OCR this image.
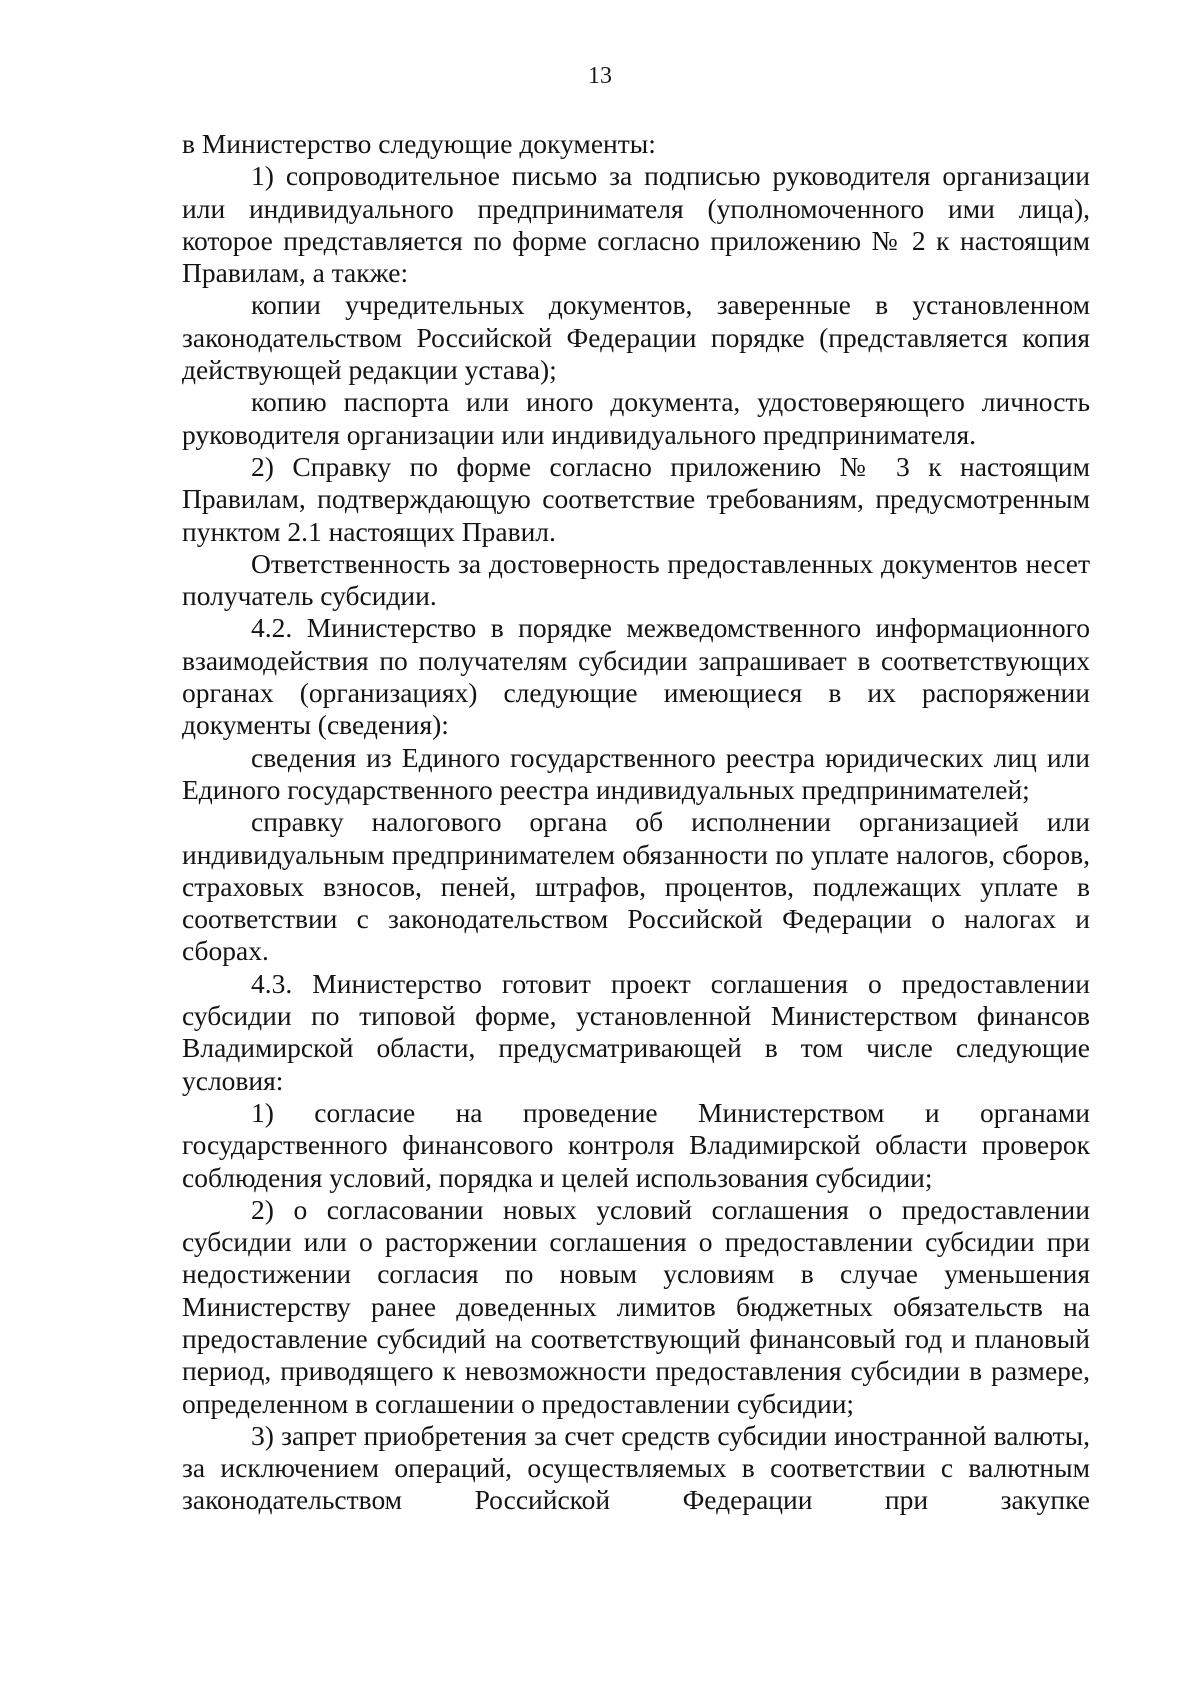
13

в Министерство следующие документы:

1) сопроводительное письмо за подписью руководителя организации или индивидуального предпринимателя (уполномоченного ими лица), которое представляется по форме согласно приложению № 2 к настоящим Правилам, а также:

копии учредительных документов, заверенные в установленном законодательством Российской Федерации порядке (представляется копия действующей редакции устава);

копию паспорта или иного документа, удостоверяющего личность руководителя организации или индивидуального предпринимателя.

2) Справку по форме согласно приложению № 3 к настоящим Правилам, подтверждающую соответствие требованиям, предусмотренным пунктом 2.1 настоящих Правил.

Ответственность за достоверность предоставленных документов несет получатель субсидии.

4.2. Министерство в порядке межведомственного информационного взаимодействия по получателям субсидии запрашивает в соответствующих органах (организациях) следующие имеющиеся в их распоряжении документы (сведения):

сведения из Единого государственного реестра юридических лиц или Единого государственного реестра индивидуальных предпринимателей;

справку налогового органа об исполнении организацией или индивидуальным предпринимателем обязанности по уплате налогов, сборов, страховых взносов, пеней, штрафов, процентов, подлежащих уплате в соответствии с законодательством Российской Федерации о налогах и сборах.

4.3. Министерство готовит проект соглашения о предоставлении субсидии по типовой форме, установленной Министерством финансов Владимирской области, предусматривающей в том числе следующие условия:

1) согласие на проведение Министерством и органами государственного финансового контроля Владимирской области проверок соблюдения условий, порядка и целей использования субсидии;

2) о согласовании новых условий соглашения о предоставлении субсидии или о расторжении соглашения о предоставлении субсидии при недостижении согласия по новым условиям в случае уменьшения Министерству ранее доведенных лимитов бюджетных обязательств на предоставление субсидий на соответствующий финансовый год и плановый период, приводящего к невозможности предоставления субсидии в размере, определенном в соглашении о предоставлении субсидии;

3) запрет приобретения за счет средств субсидии иностранной валюты, за исключением операций, осуществляемых в соответствии с валютным законодательством Российской Федерации при закупке
